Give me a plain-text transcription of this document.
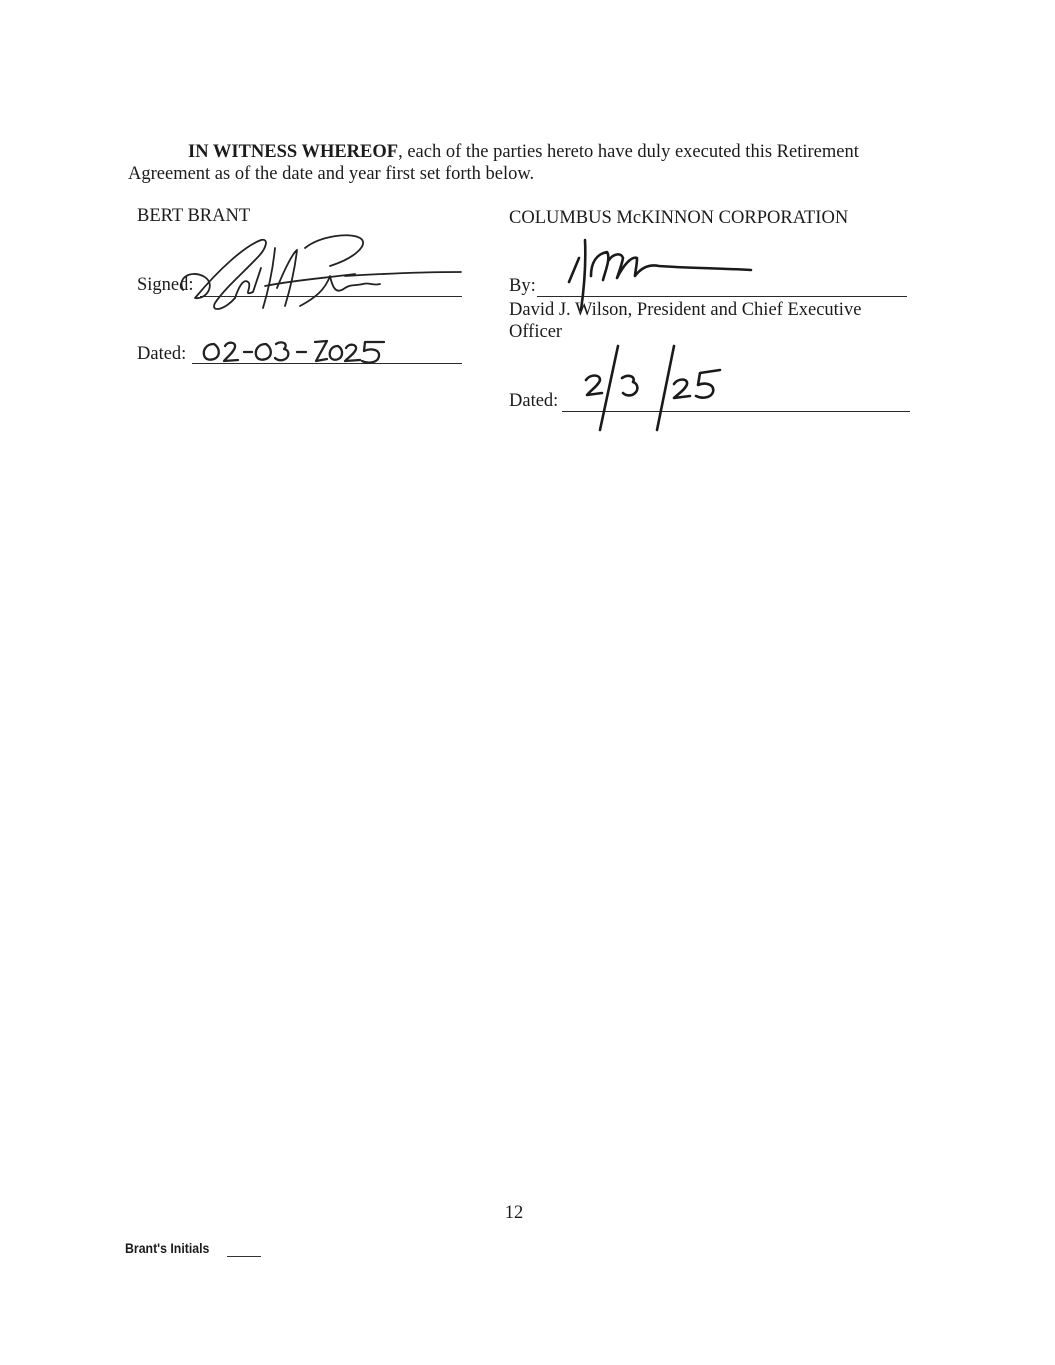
IN WITNESS WHEREOF, each of the parties hereto have duly executed this Retirement Agreement as of the date and year first set forth below.
BERT BRANT
Signed:
Dated:
COLUMBUS McKINNON CORPORATION
By:
David J. Wilson, President and Chief Executive
Officer
Dated:
12
Brant's Initials
